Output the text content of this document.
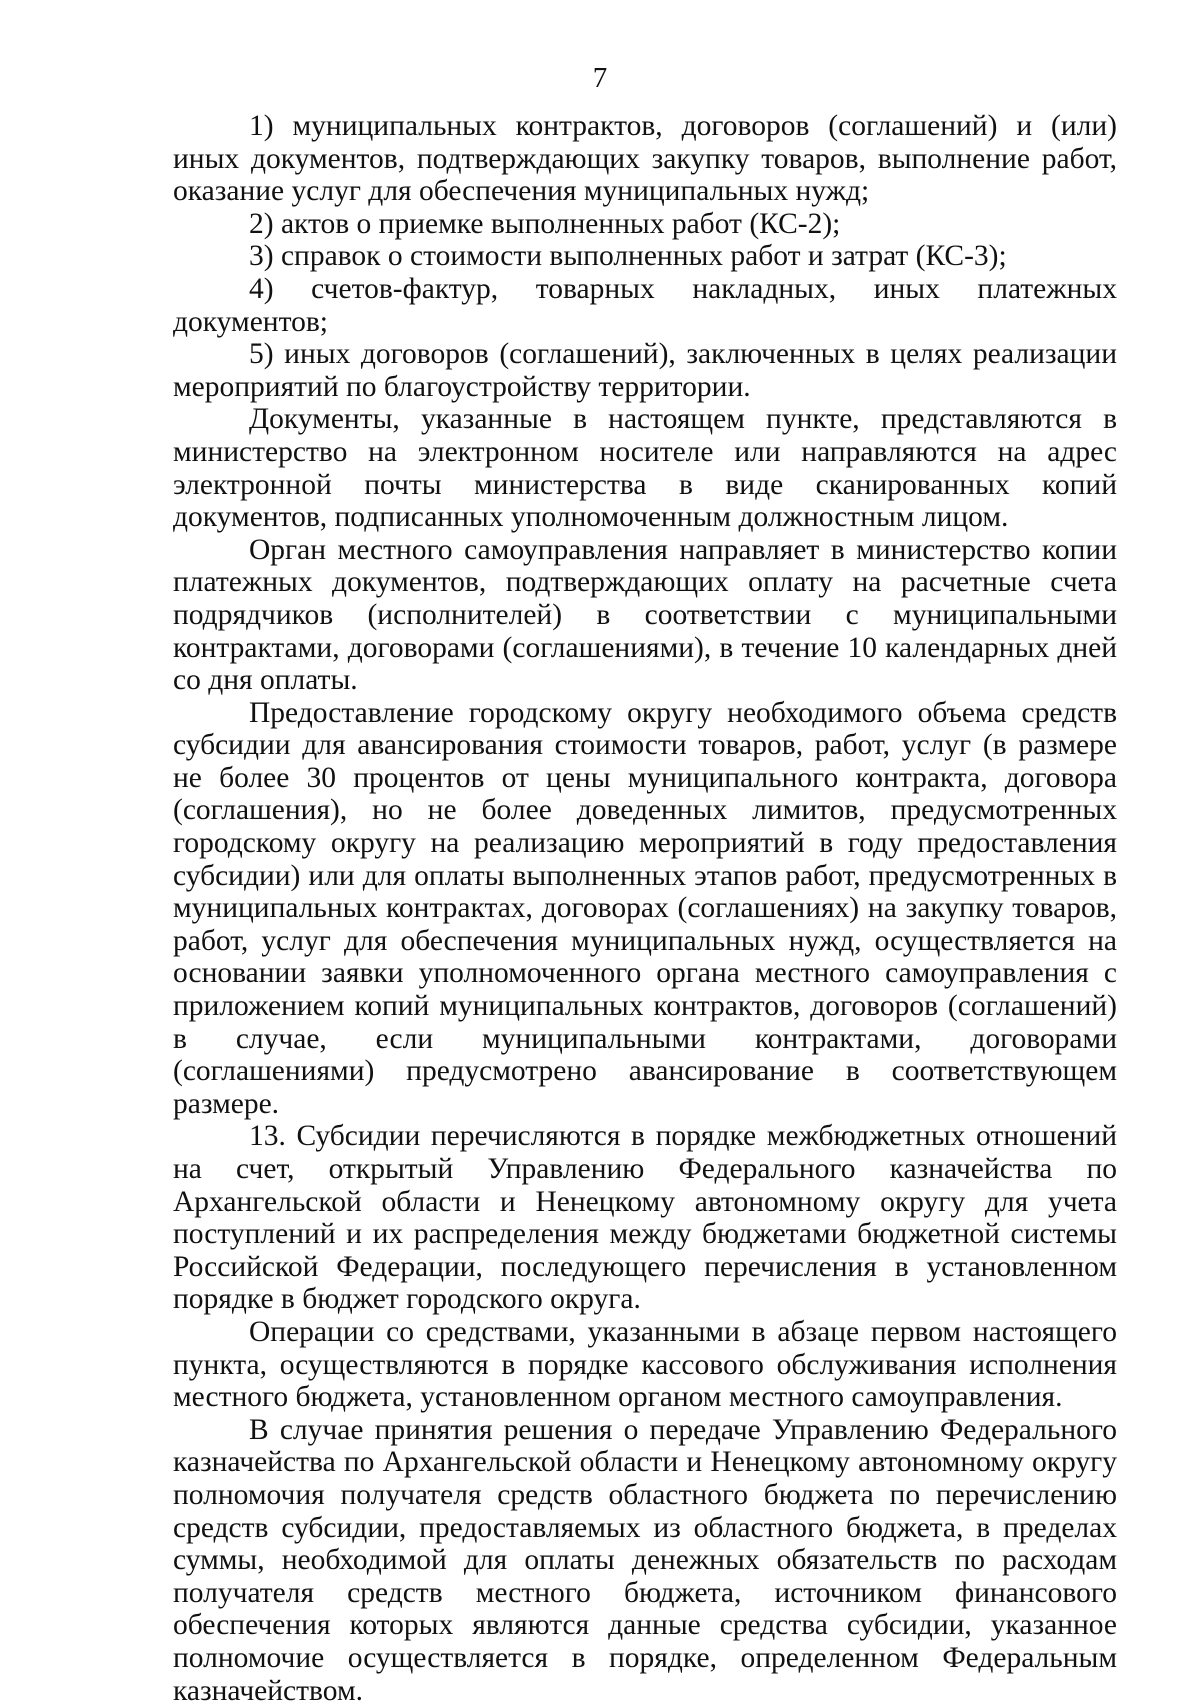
7

1) муниципальных контрактов, договоров (соглашений) и (или) иных документов, подтверждающих закупку товаров, выполнение работ, оказание услуг для обеспечения муниципальных нужд;

2) актов о приемке выполненных работ (КС-2);

3) справок о стоимости выполненных работ и затрат (КС-3);

4) счетов-фактур, товарных накладных, иных платежных документов;

5) иных договоров (соглашений), заключенных в целях реализации мероприятий по благоустройству территории.

Документы, указанные в настоящем пункте, представляются в министерство на электронном носителе или направляются на адрес электронной почты министерства в виде сканированных копий документов, подписанных уполномоченным должностным лицом.

Орган местного самоуправления направляет в министерство копии платежных документов, подтверждающих оплату на расчетные счета подрядчиков (исполнителей) в соответствии с муниципальными контрактами, договорами (соглашениями), в течение 10 календарных дней со дня оплаты.

Предоставление городскому округу необходимого объема средств субсидии для авансирования стоимости товаров, работ, услуг (в размере не более 30 процентов от цены муниципального контракта, договора (соглашения), но не более доведенных лимитов, предусмотренных городскому округу на реализацию мероприятий в году предоставления субсидии) или для оплаты выполненных этапов работ, предусмотренных в муниципальных контрактах, договорах (соглашениях) на закупку товаров, работ, услуг для обеспечения муниципальных нужд, осуществляется на основании заявки уполномоченного органа местного самоуправления с приложением копий муниципальных контрактов, договоров (соглашений) в случае, если муниципальными контрактами, договорами (соглашениями) предусмотрено авансирование в соответствующем размере.

13. Субсидии перечисляются в порядке межбюджетных отношений на счет, открытый Управлению Федерального казначейства по Архангельской области и Ненецкому автономному округу для учета поступлений и их распределения между бюджетами бюджетной системы Российской Федерации, последующего перечисления в установленном порядке в бюджет городского округа.

Операции со средствами, указанными в абзаце первом настоящего пункта, осуществляются в порядке кассового обслуживания исполнения местного бюджета, установленном органом местного самоуправления.

В случае принятия решения о передаче Управлению Федерального казначейства по Архангельской области и Ненецкому автономному округу полномочия получателя средств областного бюджета по перечислению средств субсидии, предоставляемых из областного бюджета, в пределах суммы, необходимой для оплаты денежных обязательств по расходам получателя средств местного бюджета, источником финансового обеспечения которых являются данные средства субсидии, указанное полномочие осуществляется в порядке, определенном Федеральным казначейством.
